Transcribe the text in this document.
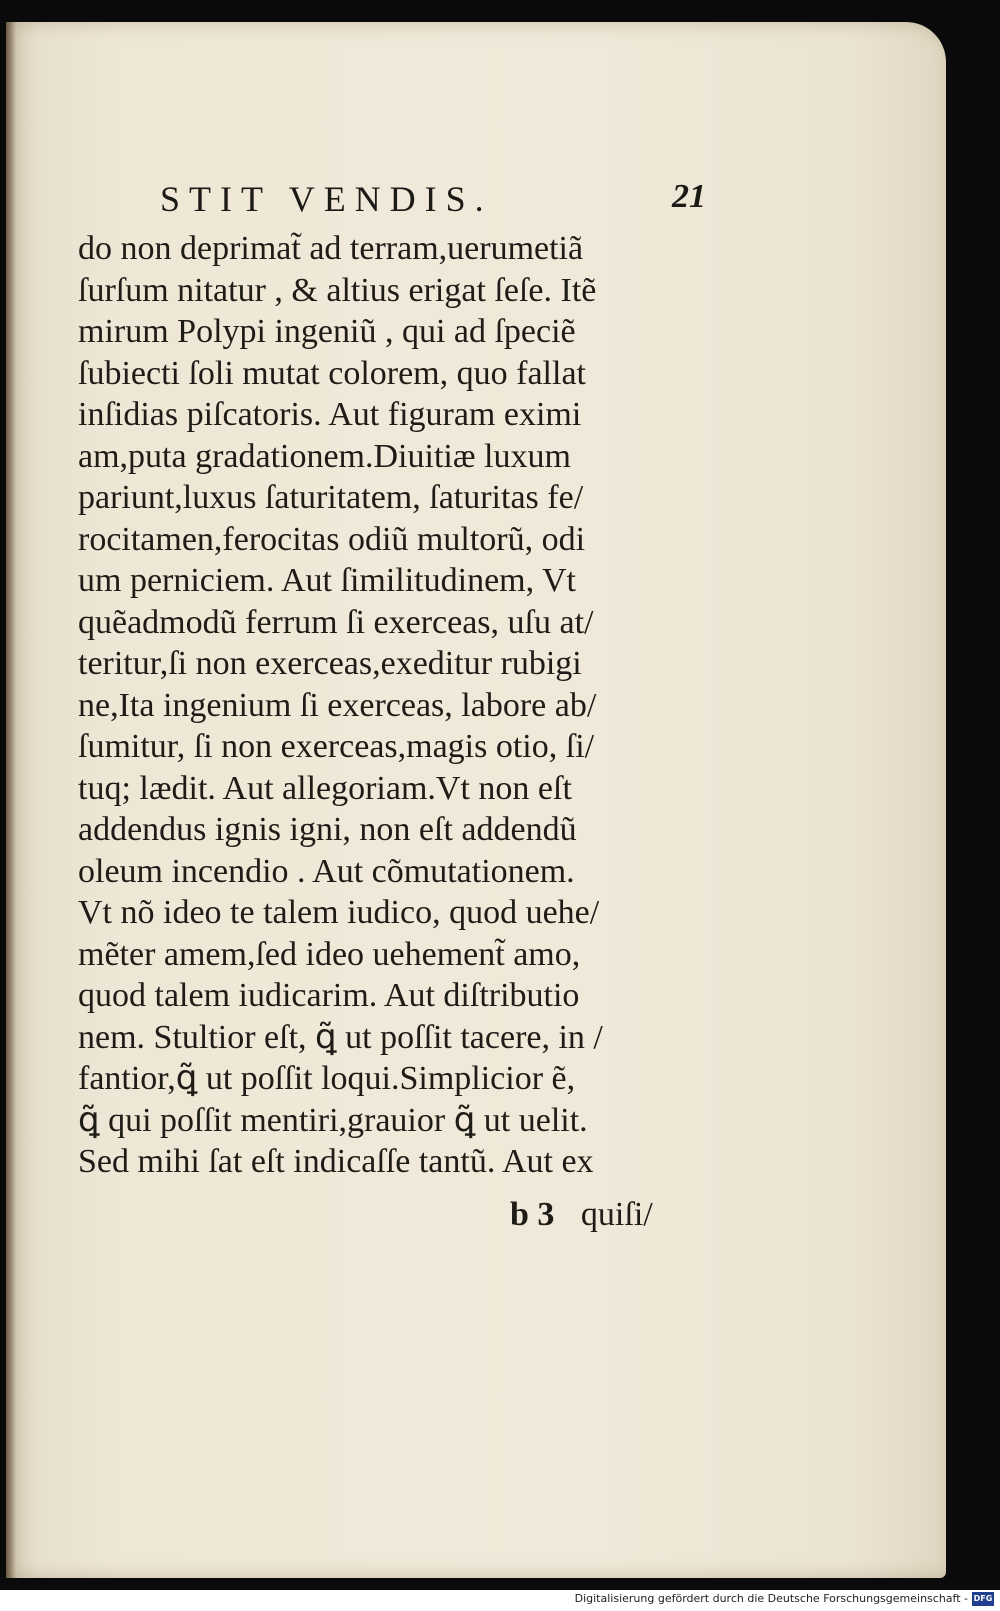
STIT VENDIS.	21
do non deprimat̃ ad terram,uerumetiã
ſurſum nitatur , & altius erigat ſeſe. Itẽ
mirum Polypi ingeniũ , qui ad ſpeciẽ
ſubiecti ſoli mutat colorem, quo fallat
inſidias piſcatoris. Aut figuram eximi
am,puta gradationem.Diuitiæ luxum
pariunt,luxus ſaturitatem, ſaturitas fe/
rocitamen,ferocitas odiũ multorũ, odi
um perniciem. Aut ſimilitudinem, Vt
quẽadmodũ ferrum ſi exerceas, uſu at/
teritur,ſi non exerceas,exeditur rubigi
ne,Ita ingenium ſi exerceas, labore ab/
ſumitur, ſi non exerceas,magis otio, ſi/
tuq; lædit. Aut allegoriam.Vt non eſt
addendus ignis igni, non eſt addendũ
oleum incendio . Aut cõmutationem.
Vt nõ ideo te talem iudico, quod uehe/
mẽter amem,ſed ideo uehement̃ amo,
quod talem iudicarim. Aut diſtributio
nem. Stultior eſt, ꝗ̃ ut poſſit tacere, in /
fantior,ꝗ̃ ut poſſit loqui.Simplicior ẽ,
ꝗ̃ qui poſſit mentiri,grauior ꝗ̃ ut uelit.
Sed mihi ſat eſt indicaſſe tantũ. Aut ex
b 3 quiſi/
Digitalisierung gefördert durch die Deutsche Forschungsgemeinschaft - DFG
